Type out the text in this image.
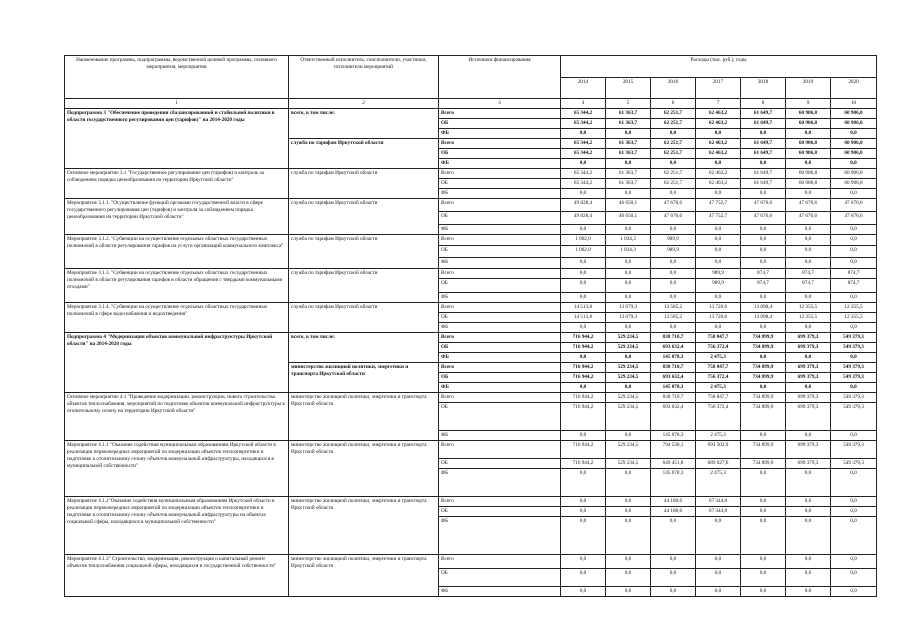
Наименование программы, подпрограммы, ведомственной целевой программы, основного мероприятия, мероприятия	Ответственный исполнитель, соисполнители, участники, исполнители мероприятий	Источники финансирования	Расходы (тыс. руб.), годы						
			2014	2015	2016	2017	2018	2019	2020
1	2	3	4	5	6	7	8	9	10
Подпрограмма 3 "Обеспечение проведения сбалансированной и стабильной политики в области государственного регулирования цен (тарифов)" на 2014-2020 годы	всего, в том числе:	Всего	65 344,2	61 363,7	62 251,7	62 463,2	61 649,7	60 906,8	60 906,8
		ОБ	65 344,2	61 363,7	62 251,7	62 463,2	61 649,7	60 906,8	60 906,8
		ФБ	0,0	0,0	0,0	0,0	0,0	0,0	0,0
	служба по тарифам Иркутской области	Всего	65 344,2	61 363,7	62 251,7	62 463,2	61 649,7	60 906,8	60 906,8
		ОБ	65 344,2	61 363,7	62 251,7	62 463,2	61 649,7	60 906,8	60 906,8
		ФБ	0,0	0,0	0,0	0,0	0,0	0,0	0,0
Основное мероприятие 3.1 "Государственное регулирование цен (тарифов) и контроль за соблюдением порядка ценообразования на территории Иркутской области"	служба по тарифам Иркутской области	Всего	65 344,2	61 363,7	62 251,7	62 463,2	61 649,7	60 906,8	60 906,8
		ОБ	65 344,2	61 363,7	62 251,7	62 463,2	61 649,7	60 906,8	60 906,8
		ФБ	0,0	0,0	0,0	0,0	0,0	0,0	0,0
Мероприятие 3.1.1. "Осуществление функций органами государственной власти в сфере государственного регулирования цен (тарифов) и контроля за соблюдением порядка ценообразования на территории Иркутской области"	служба по тарифам Иркутской области	Всего	49 828,4	46 650,1	47 676,6	47 752,7	47 676,6	47 676,6	47 676,6
		ОБ	49 828,4	46 650,1	47 676,6	47 752,7	47 676,6	47 676,6	47 676,6
		ФБ	0,0	0,0	0,0	0,0	0,0	0,0	0,0
Мероприятие 3.1.2. "Субвенции на осуществление отдельных областных государственных полномочий в области регулирования тарифов на услуги организаций коммунального комплекса"	служба по тарифам Иркутской области	Всего	1 002,0	1 034,3	989,9	0,0	0,0	0,0	0,0
		ОБ	1 002,0	1 034,3	989,9	0,0	0,0	0,0	0,0
		ФБ	0,0	0,0	0,0	0,0	0,0	0,0	0,0
Мероприятие 3.1.3. "Субвенции на осуществление отдельных областных государственных полномочий в области регулирования тарифов в области обращения с твердыми коммунальными отходами"	служба по тарифам Иркутской области	Всего	0,0	0,0	0,0	989,9	874,7	874,7	874,7
		ОБ	0,0	0,0	0,0	989,9	874,7	874,7	874,7
		ФБ	0,0	0,0	0,0	0,0	0,0	0,0	0,0
Мероприятие 3.1.4. "Субвенции на осуществление отдельных областных государственных полномочий в сфере водоснабжения и водоотведения"	служба по тарифам Иркутской области	Всего	14 513,8	13 679,3	13 585,2	13 720,6	13 098,4	12 355,5	12 355,5
		ОБ	14 513,8	13 679,3	13 585,2	13 720,6	13 098,4	12 355,5	12 355,5
		ФБ	0,0	0,0	0,0	0,0	0,0	0,0	0,0
Подпрограмма 4 "Модернизация объектов коммунальной инфраструктуры Иркутской области" на 2014-2020 годы	всего, в том числе:	Всего	716 944,2	529 234,5	838 710,7	758 847,7	734 899,9	699 379,3	549 379,3
		ОБ	716 944,2	529 234,5	693 632,4	756 372,4	734 899,9	699 379,3	549 379,3
		ФБ	0,0	0,0	145 078,3	2 475,3	0,0	0,0	0,0
	министерство жилищной политики, энергетики и транспорта Иркутской области	Всего	716 944,2	529 234,5	838 710,7	758 847,7	734 899,9	699 379,3	549 379,3
		ОБ	716 944,2	529 234,5	693 632,4	756 372,4	734 899,9	699 379,3	549 379,3
		ФБ	0,0	0,0	145 078,3	2 475,3	0,0	0,0	0,0
Основное мероприятие 4.1 "Проведение модернизации, реконструкции, нового строительства объектов теплоснабжения, мероприятий по подготовке объектов коммунальной инфраструктуры к отопительному сезону на территории Иркутской области"	министерство жилищной политики, энергетики и транспорта Иркутской области	Всего	716 944,2	529 234,5	838 710,7	758 847,7	734 899,9	699 379,3	549 379,3
		ОБ	716 944,2	529 234,5	693 632,4	756 372,4	734 899,9	699 379,3	549 379,3
		ФБ	0,0	0,0	145 078,3	2 475,3	0,0	0,0	0,0
Мероприятие 4.1.1 "Оказание содействия муниципальным образованиям Иркутской области в реализации первоочередных мероприятий по модернизации объектов теплоэнергетики и подготовке к отопительному сезону объектов коммунальной инфраструктуры, находящихся в муниципальной собственности"	министерство жилищной политики, энергетики и транспорта Иркутской области	Всего	716 944,2	529 234,5	794 530,1	691 502,9	734 899,9	699 379,3	549 379,3
		ОБ	716 944,2	529 234,5	649 451,8	689 027,6	734 899,9	699 379,3	549 379,3
		ФБ	0,0	0,0	145 078,3	2 475,3	0,0	0,0	0,0
Мероприятие 4.1.2"Оказание содействия муниципальным образованиям Иркутской области в реализации первоочередных мероприятий по модернизации объектов теплоэнергетики и подготовке к отопительному сезону объектов коммунальной инфраструктуры на объектах социальной сферы, находящихся в муниципальной собственности"	министерство жилищной политики, энергетики и транспорта Иркутской области	Всего	0,0	0,0	44 180,6	67 344,8	0,0	0,0	0,0
		ОБ	0,0	0,0	44 180,6	67 344,8	0,0	0,0	0,0
		ФБ	0,0	0,0	0,0	0,0	0,0	0,0	0,0
Мероприятие 4.1.3" Строительство, модернизация, реконструкция и капитальный ремонт объектов теплоснабжения социальной сферы, находящихся в государственной собственности"	министерство жилищной политики, энергетики и транспорта Иркутской области	Всего	0,0	0,0	0,0	0,0	0,0	0,0	0,0
		ОБ	0,0	0,0	0,0	0,0	0,0	0,0	0,0
		ФБ	0,0	0,0	0,0	0,0	0,0	0,0	0,0
